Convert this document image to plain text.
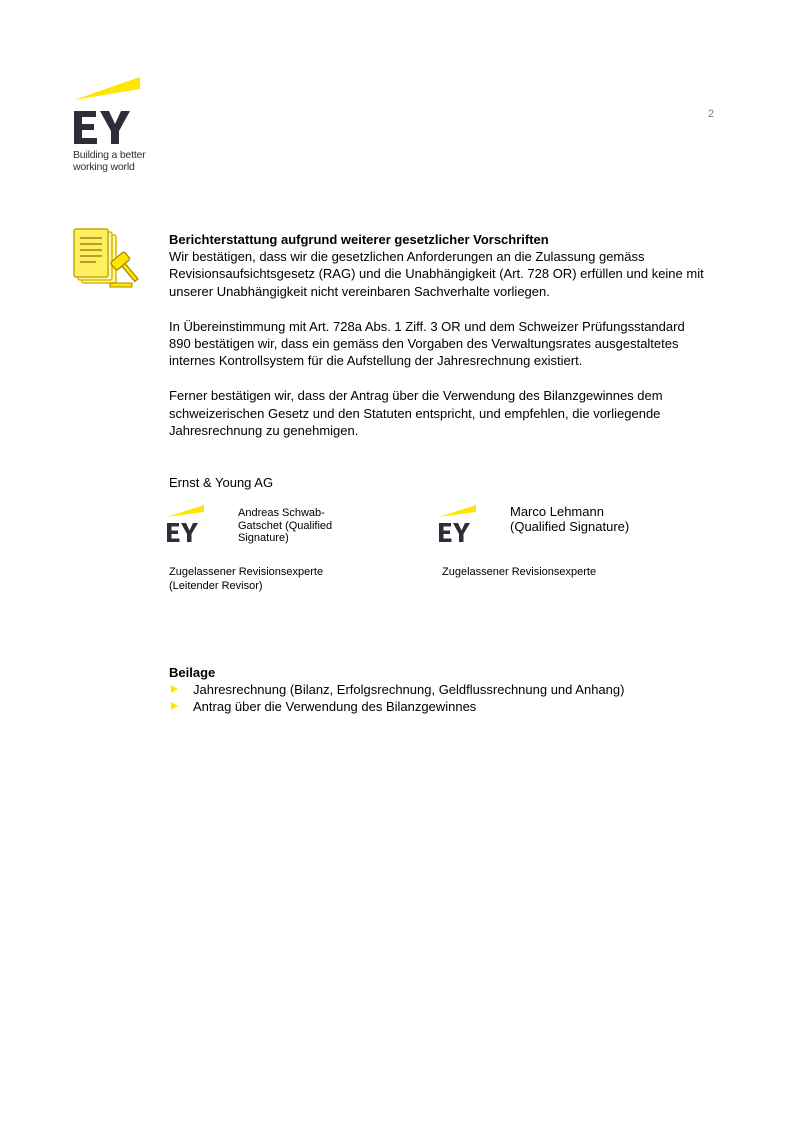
Building a better
working world
2
Berichterstattung aufgrund weiterer gesetzlicher Vorschriften

Wir bestätigen, dass wir die gesetzlichen Anforderungen an die Zulassung gemäss Revisionsaufsichtsgesetz (RAG) und die Unabhängigkeit (Art. 728 OR) erfüllen und keine mit unserer Unabhängigkeit nicht vereinbaren Sachverhalte vorliegen.

In Übereinstimmung mit Art. 728a Abs. 1 Ziff. 3 OR und dem Schweizer Prüfungsstandard 890 bestätigen wir, dass ein gemäss den Vorgaben des Verwaltungsrates ausgestaltetes internes Kontrollsystem für die Aufstellung der Jahresrechnung existiert.

Ferner bestätigen wir, dass der Antrag über die Verwendung des Bilanzgewinnes dem schweizerischen Gesetz und den Statuten entspricht, und empfehlen, die vorliegende Jahresrechnung zu genehmigen.

Ernst & Young AG
Andreas Schwab-Gatschet (Qualified Signature)
Marco Lehmann (Qualified Signature)
Zugelassener Revisionsexperte
(Leitender Revisor)
Zugelassener Revisionsexperte
Beilage
Jahresrechnung (Bilanz, Erfolgsrechnung, Geldflussrechnung und Anhang)
Antrag über die Verwendung des Bilanzgewinnes
